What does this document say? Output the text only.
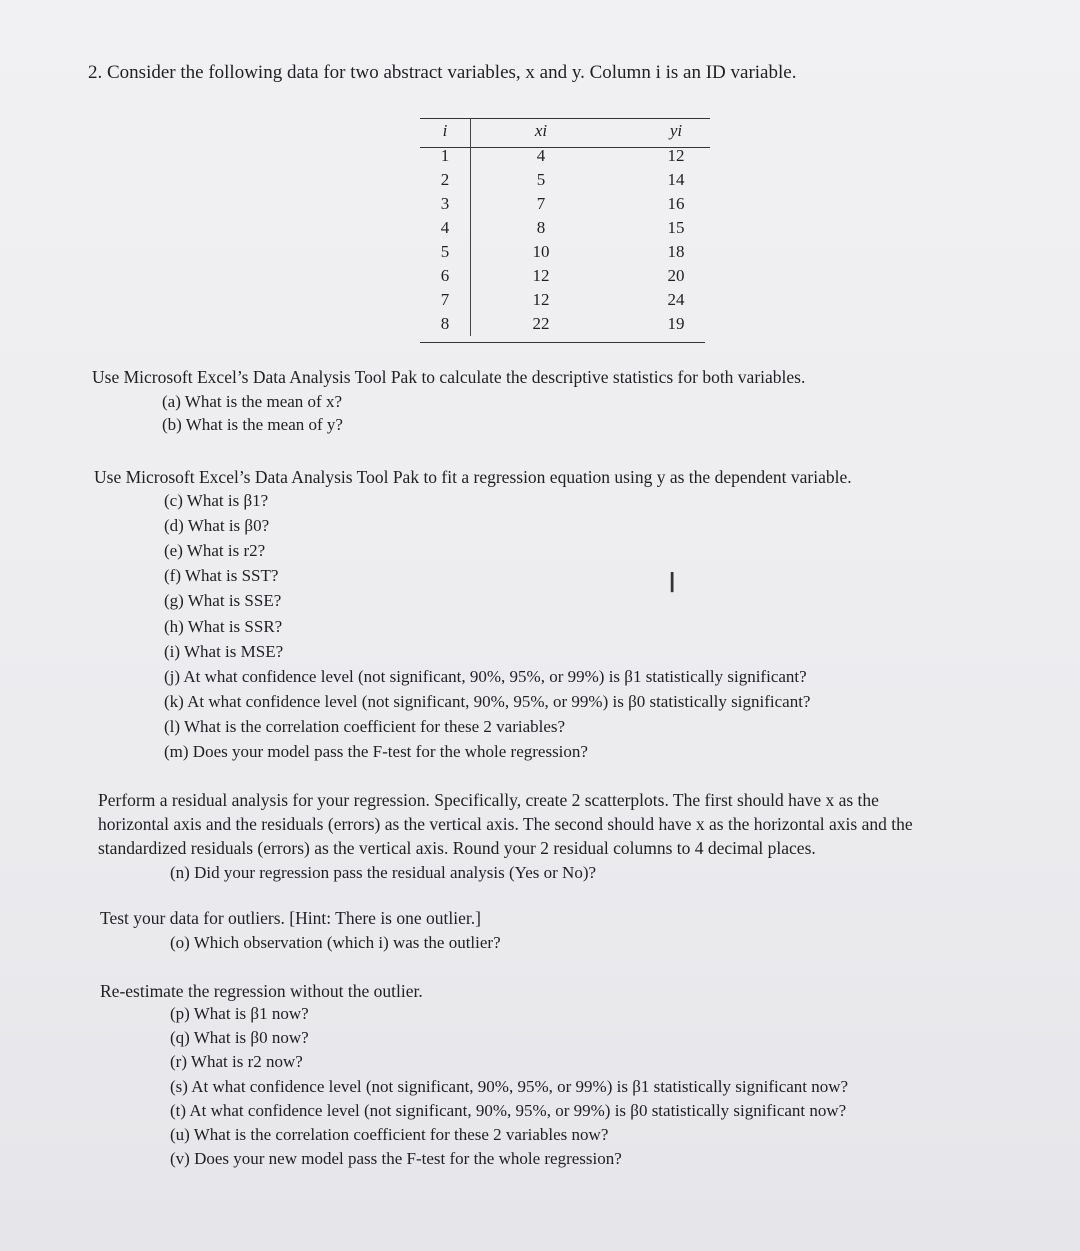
2. Consider the following data for two abstract variables, x and y. Column i is an ID variable.
i	xi	yi
1	4	12
2	5	14
3	7	16
4	8	15
5	10	18
6	12	20
7	12	24
8	22	19
Use Microsoft Excel’s Data Analysis Tool Pak to calculate the descriptive statistics for both variables.
(a) What is the mean of x?
(b) What is the mean of y?
Use Microsoft Excel’s Data Analysis Tool Pak to fit a regression equation using y as the dependent variable.
(c) What is β1?
(d) What is β0?
(e) What is r2?
(f) What is SST?
(g) What is SSE?
(h) What is SSR?
(i) What is MSE?
(j) At what confidence level (not significant, 90%, 95%, or 99%) is β1 statistically significant?
(k) At what confidence level (not significant, 90%, 95%, or 99%) is β0 statistically significant?
(l) What is the correlation coefficient for these 2 variables?
(m) Does your model pass the F-test for the whole regression?
I
Perform a residual analysis for your regression. Specifically, create 2 scatterplots. The first should have x as the
horizontal axis and the residuals (errors) as the vertical axis. The second should have x as the horizontal axis and the
standardized residuals (errors) as the vertical axis. Round your 2 residual columns to 4 decimal places.
(n) Did your regression pass the residual analysis (Yes or No)?
Test your data for outliers. [Hint: There is one outlier.]
(o) Which observation (which i) was the outlier?
Re-estimate the regression without the outlier.
(p) What is β1 now?
(q) What is β0 now?
(r) What is r2 now?
(s) At what confidence level (not significant, 90%, 95%, or 99%) is β1 statistically significant now?
(t) At what confidence level (not significant, 90%, 95%, or 99%) is β0 statistically significant now?
(u) What is the correlation coefficient for these 2 variables now?
(v) Does your new model pass the F-test for the whole regression?
